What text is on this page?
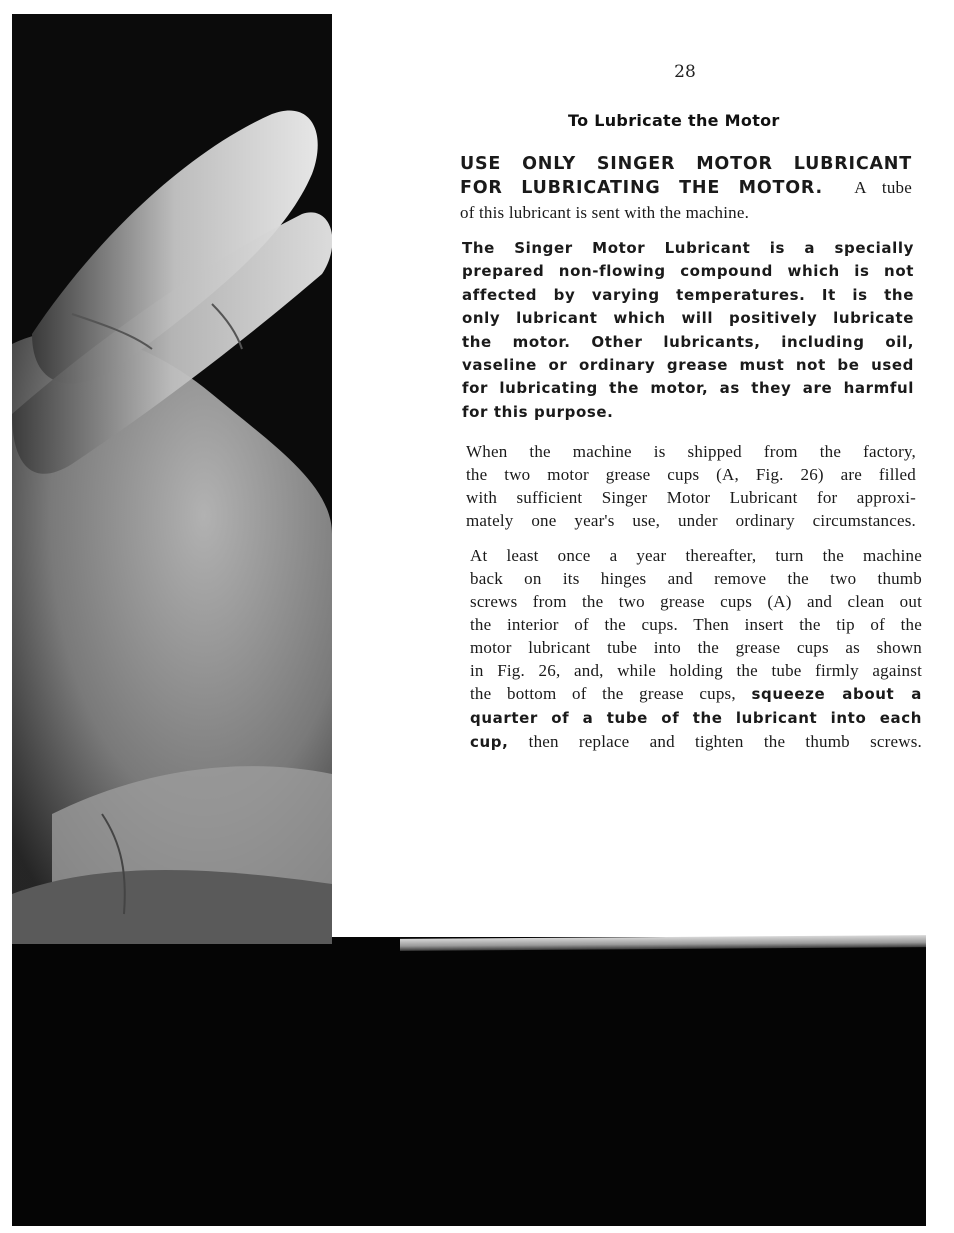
28
To Lubricate the Motor
USE ONLY SINGER MOTOR LUBRICANT
FOR LUBRICATING THE MOTOR. A tube
of this lubricant is sent with the machine.
The Singer Motor Lubricant is a specially
prepared non-flowing compound which is not
affected by varying temperatures. It is the
only lubricant which will positively lubricate
the motor. Other lubricants, including oil,
vaseline or ordinary grease must not be used
for lubricating the motor, as they are harmful
for this purpose.
When the machine is shipped from the factory,
the two motor grease cups (A, Fig. 26) are filled
with sufficient Singer Motor Lubricant for approxi-
mately one year's use, under ordinary circumstances.
At least once a year thereafter, turn the machine
back on its hinges and remove the two thumb
screws from the two grease cups (A) and clean out
the interior of the cups. Then insert the tip of the
motor lubricant tube into the grease cups as shown
in Fig. 26, and, while holding the tube firmly against
the bottom of the grease cups, squeeze about a
quarter of a tube of the lubricant into each
cup, then replace and tighten the thumb screws.
